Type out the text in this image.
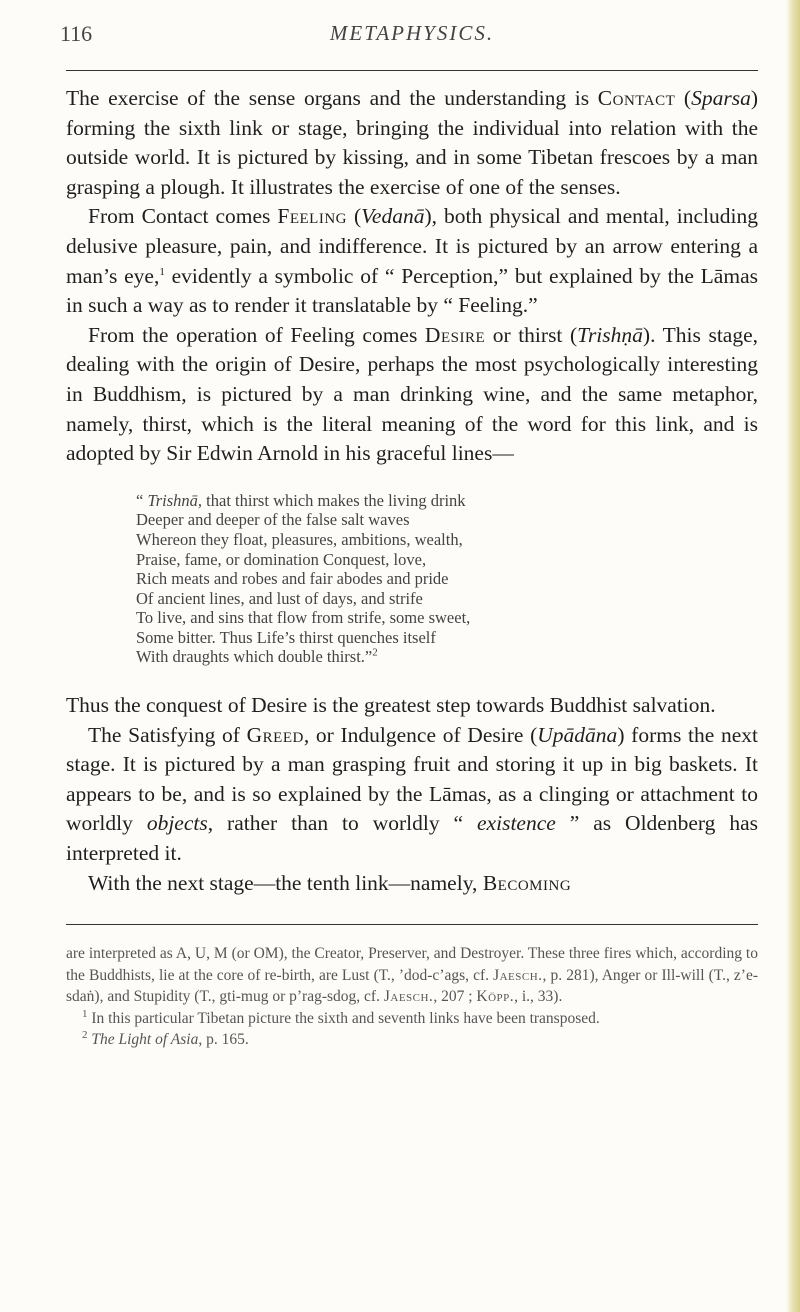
116	METAPHYSICS.

The exercise of the sense organs and the understanding is Contact (Sparsa) forming the sixth link or stage, bringing the individual into relation with the outside world. It is pictured by kissing, and in some Tibetan frescoes by a man grasping a plough. It illustrates the exercise of one of the senses.

From Contact comes Feeling (Vedanā), both physical and mental, including delusive pleasure, pain, and indifference. It is pictured by an arrow entering a man’s eye,$^1$ evidently a symbolic of “ Perception,” but explained by the Lāmas in such a way as to render it translatable by “ Feeling.”

From the operation of Feeling comes Desire or thirst (Trishṇā). This stage, dealing with the origin of Desire, perhaps the most psychologically interesting in Buddhism, is pictured by a man drinking wine, and the same metaphor, namely, thirst, which is the literal meaning of the word for this link, and is adopted by Sir Edwin Arnold in his graceful lines—

“ Trishnā, that thirst which makes the living drink
Deeper and deeper of the false salt waves
Whereon they float, pleasures, ambitions, wealth,
Praise, fame, or domination Conquest, love,
Rich meats and robes and fair abodes and pride
Of ancient lines, and lust of days, and strife
To live, and sins that flow from strife, some sweet,
Some bitter. Thus Life’s thirst quenches itself
With draughts which double thirst.”$^2$

Thus the conquest of Desire is the greatest step towards Buddhist salvation.

The Satisfying of Greed, or Indulgence of Desire (Upādāna) forms the next stage. It is pictured by a man grasping fruit and storing it up in big baskets. It appears to be, and is so explained by the Lāmas, as a clinging or attachment to worldly objects, rather than to worldly “ existence ” as Oldenberg has interpreted it.

With the next stage—the tenth link—namely, Becoming

are interpreted as A, U, M (or OM), the Creator, Preserver, and Destroyer. These three fires which, according to the Buddhists, lie at the core of re-birth, are Lust (T., ’dod-c’ags, cf. Jaesch., p. 281), Anger or Ill-will (T., z’e-sdaṅ), and Stupidity (T., gti-mug or p’rag-sdog, cf. Jaesch., 207 ; Köpp., i., 33).

$^1$ In this particular Tibetan picture the sixth and seventh links have been transposed.

$^2$ The Light of Asia, p. 165.
